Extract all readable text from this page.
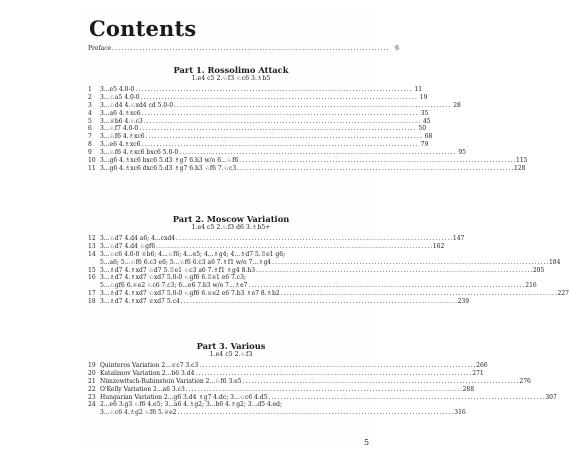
Contents
Preface . . .	6
Part 1. Rossolimo Attack
1.e4 c5 2.♘f3 ♘c6 3.♗b5
1	3...e5 4.0-0 . . .	11
2	3...♘a5 4.0-0 . . .	19
3	3...♘d4 4.♘xd4 cd 5.0-0 . . .	28
4	3...a6 4.♗xc6 . . .	35
5	3...♕b6 4.♘c3 . . .	45
6	3...♘f7 4.0-0 . . .	50
7	3...♘f6 4.♗xc6 . . .	68
8	3...e6 4.♗xc6 . . .	79
9	3...♘f6 4.♗xc6 bxc6 5.0-0 . . .	95
10 3...g6 4.♗xc6 bxc6 5.d3 ♗g7 6.h3 w/o 6...♘f6 . . .	115
11 3...g6 4.♗xc6 dxc6 5.d3 ♗g7 6.h3 ♘f6 7.♘c3 . . .	128
Part 2. Moscow Variation
1.e4 c5 2.♘f3 d6 3.♗b5+
12 3...♘d7 4.d4 a6; 4...cxd4 . . .	147
13 3...♘d7 4.d4 ♘gf6 . . .	162
14 3...♘c6 4.0-0 ♕b6; 4...♘f6; 4...e5; 4...♗g4; 4...♗d7 5.♖e1 g6;
5...a6; 5...♘f6 6.c3 e6; 5...♘f6 6.c3 a6 7.♗f1 w/o 7...♗g4 . . .	184
15 3...♗d7 4.♗xd7 ♘d7 5.♖e1 ♘c3 a6 7.♗f1 ♗g4 8.h3 . . .	205
16 3...♗d7 4.♗xd7 ♘xd7 5.0-0 ♘gf6 6.♖e1 e6 7.c3;
5...♘gf6 6.♕e2 ♘c6 7.c3; 6...e6 7.b3 w/o 7...♗e7 . . .	216
17 3...♗d7 4.♗xd7 ♘xd7 5.0-0 ♘gf6 6.♕e2 e6 7.b3 ♗e7 8.♗b2 . . .	227
18 3...♗d7 4.♗xd7 ♕xd7 5.c4 . . .	239
Part 3. Various
1.e4 c5 2.♘f3
19 Quinteros Variation 2...♕c7 3.c3 . . .	266
20 Katalimov Variation 2...b6 3.d4 . . .	271
21 Nimzowitsch-Rubinstein Variation 2...♘f6 3.e5 . . .	276
22 O'Kelly Variation 2...a6 3.c3 . . .	288
23 Hungarian Variation 2...g6 3.d4 ♗g7 4.dc; 3...♘c6 4.d5 . . .	307
24 2...e6 3.g3 ♘f6 4.e5; 3...a6 4.♗g2; 3...b6 4.♗g2; 3...d5 4.ed;
3...♘c6 4.♗g2 ♘f6 5.♕e2 . . .	316
5
